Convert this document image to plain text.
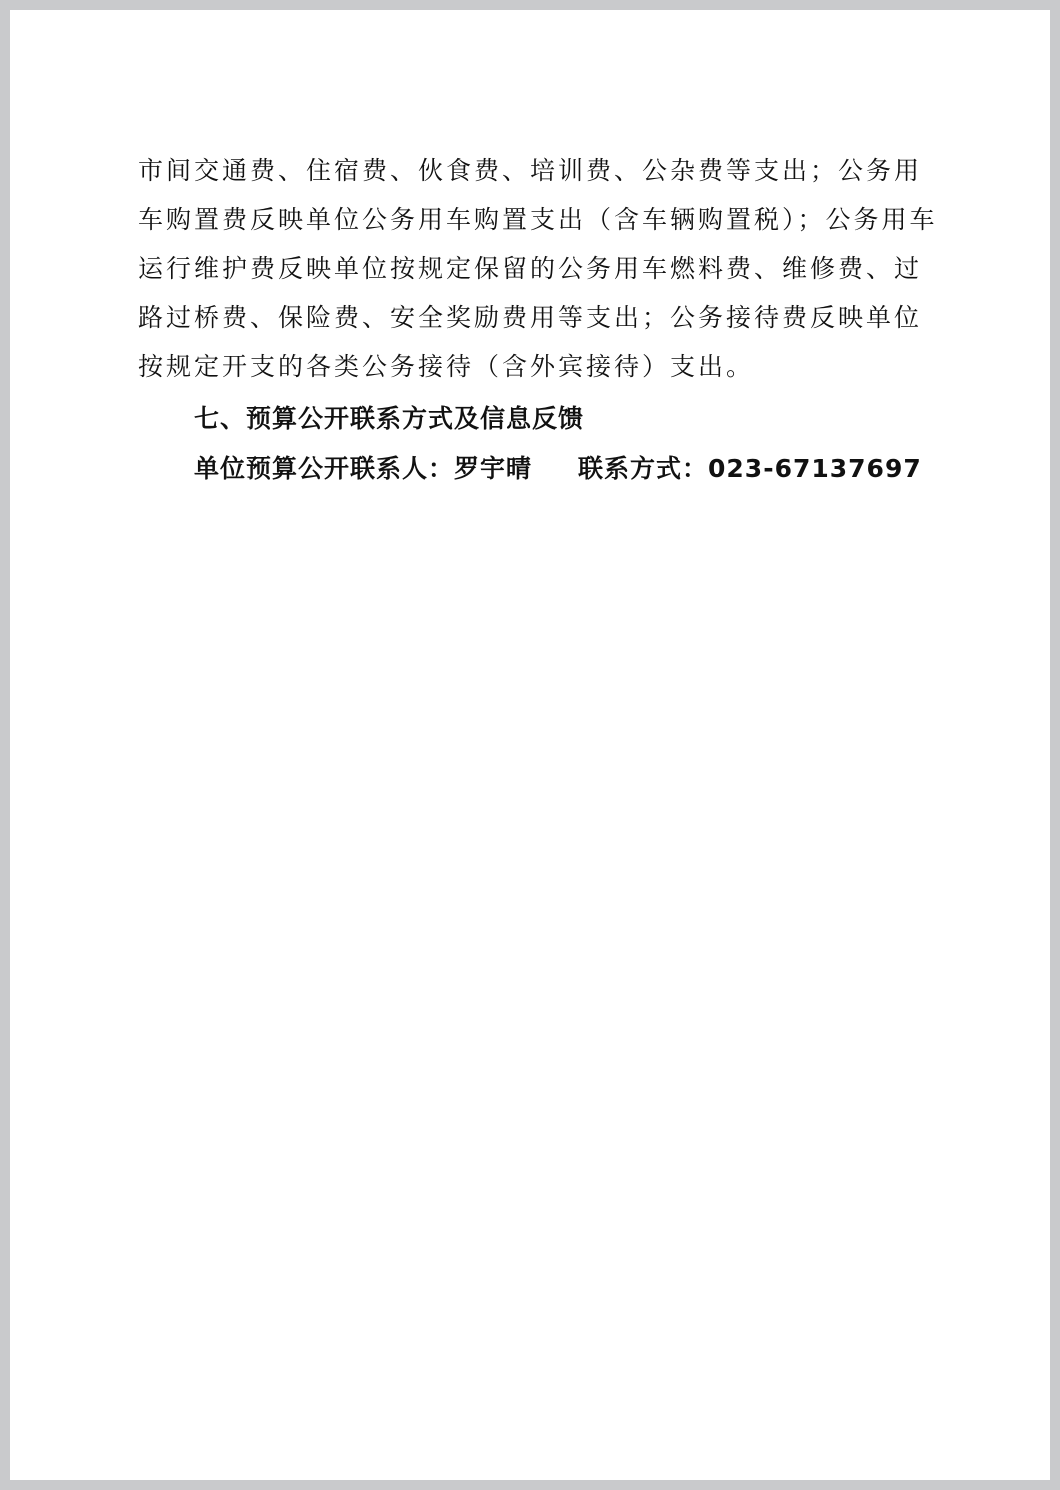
市间交通费、住宿费、伙食费、培训费、公杂费等支出；公务用
车购置费反映单位公务用车购置支出（含车辆购置税）；公务用车
运行维护费反映单位按规定保留的公务用车燃料费、维修费、过
路过桥费、保险费、安全奖励费用等支出；公务接待费反映单位
按规定开支的各类公务接待（含外宾接待）支出。
七、预算公开联系方式及信息反馈
单位预算公开联系人：罗宇晴 联系方式：023-67137697
